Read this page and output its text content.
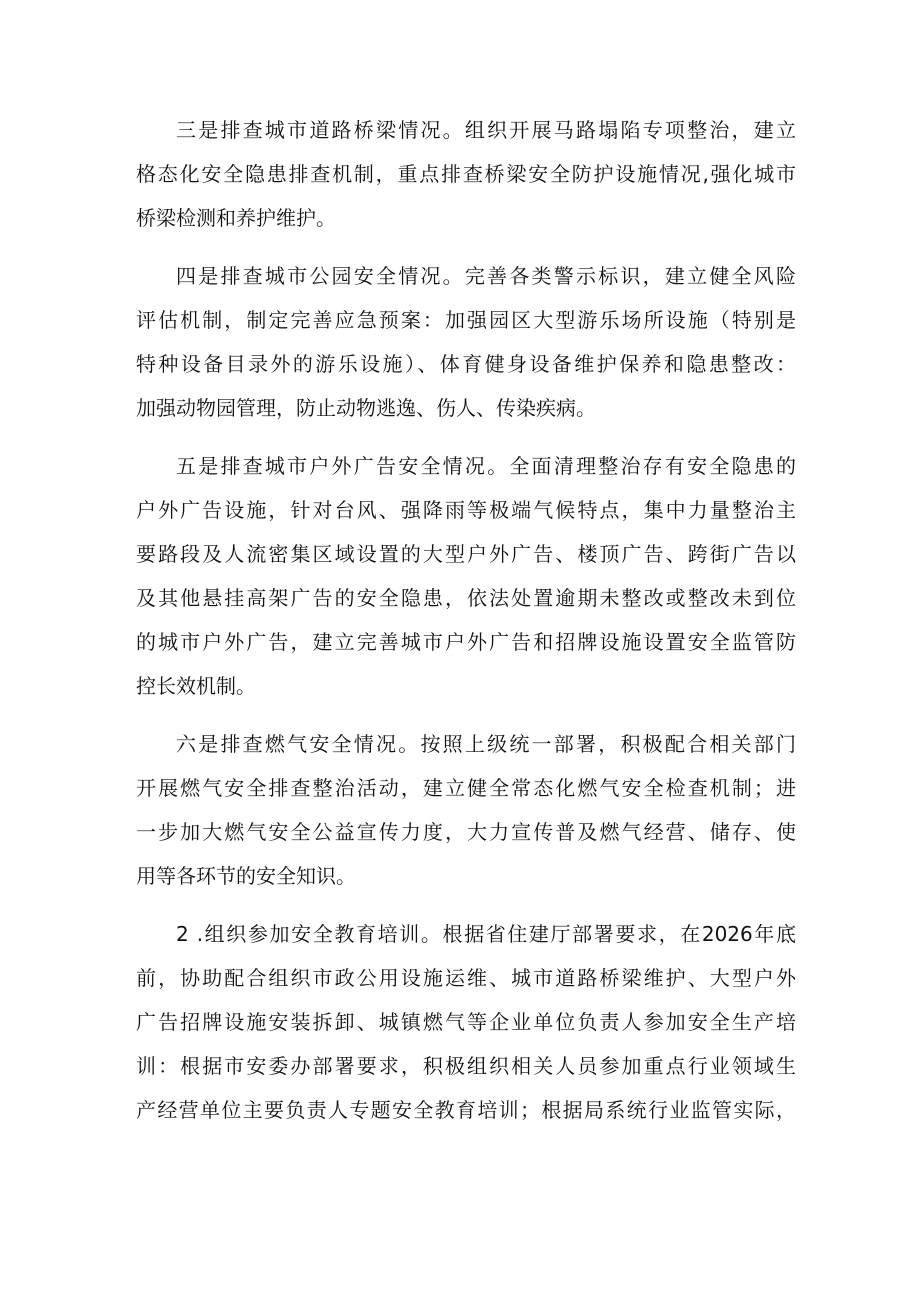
三是排查城市道路桥梁情况。组织开展马路塌陷专项整治，建立
格态化安全隐患排查机制，重点排查桥梁安全防护设施情况,强化城市
桥梁检测和养护维护。
四是排查城市公园安全情况。完善各类警示标识，建立健全风险
评估机制，制定完善应急预案：加强园区大型游乐场所设施（特别是
特种设备目录外的游乐设施）、体育健身设备维护保养和隐患整改：
加强动物园管理，防止动物逃逸、伤人、传染疾病。
五是排查城市户外广告安全情况。全面清理整治存有安全隐患的
户外广告设施，针对台风、强降雨等极端气候特点，集中力量整治主
要路段及人流密集区域设置的大型户外广告、楼顶广告、跨街广告以
及其他悬挂高架广告的安全隐患，依法处置逾期未整改或整改未到位
的城市户外广告，建立完善城市户外广告和招牌设施设置安全监管防
控长效机制。
六是排查燃气安全情况。按照上级统一部署，积极配合相关部门
开展燃气安全排查整治活动，建立健全常态化燃气安全检查机制；进
一步加大燃气安全公益宣传力度，大力宣传普及燃气经营、储存、使
用等各环节的安全知识。
2 .组织参加安全教育培训。根据省住建厅部署要求，在2026年底
前，协助配合组织市政公用设施运维、城市道路桥梁维护、大型户外
广告招牌设施安装拆卸、城镇燃气等企业单位负责人参加安全生产培
训：根据市安委办部署要求，积极组织相关人员参加重点行业领域生
产经营单位主要负责人专题安全教育培训；根据局系统行业监管实际，
